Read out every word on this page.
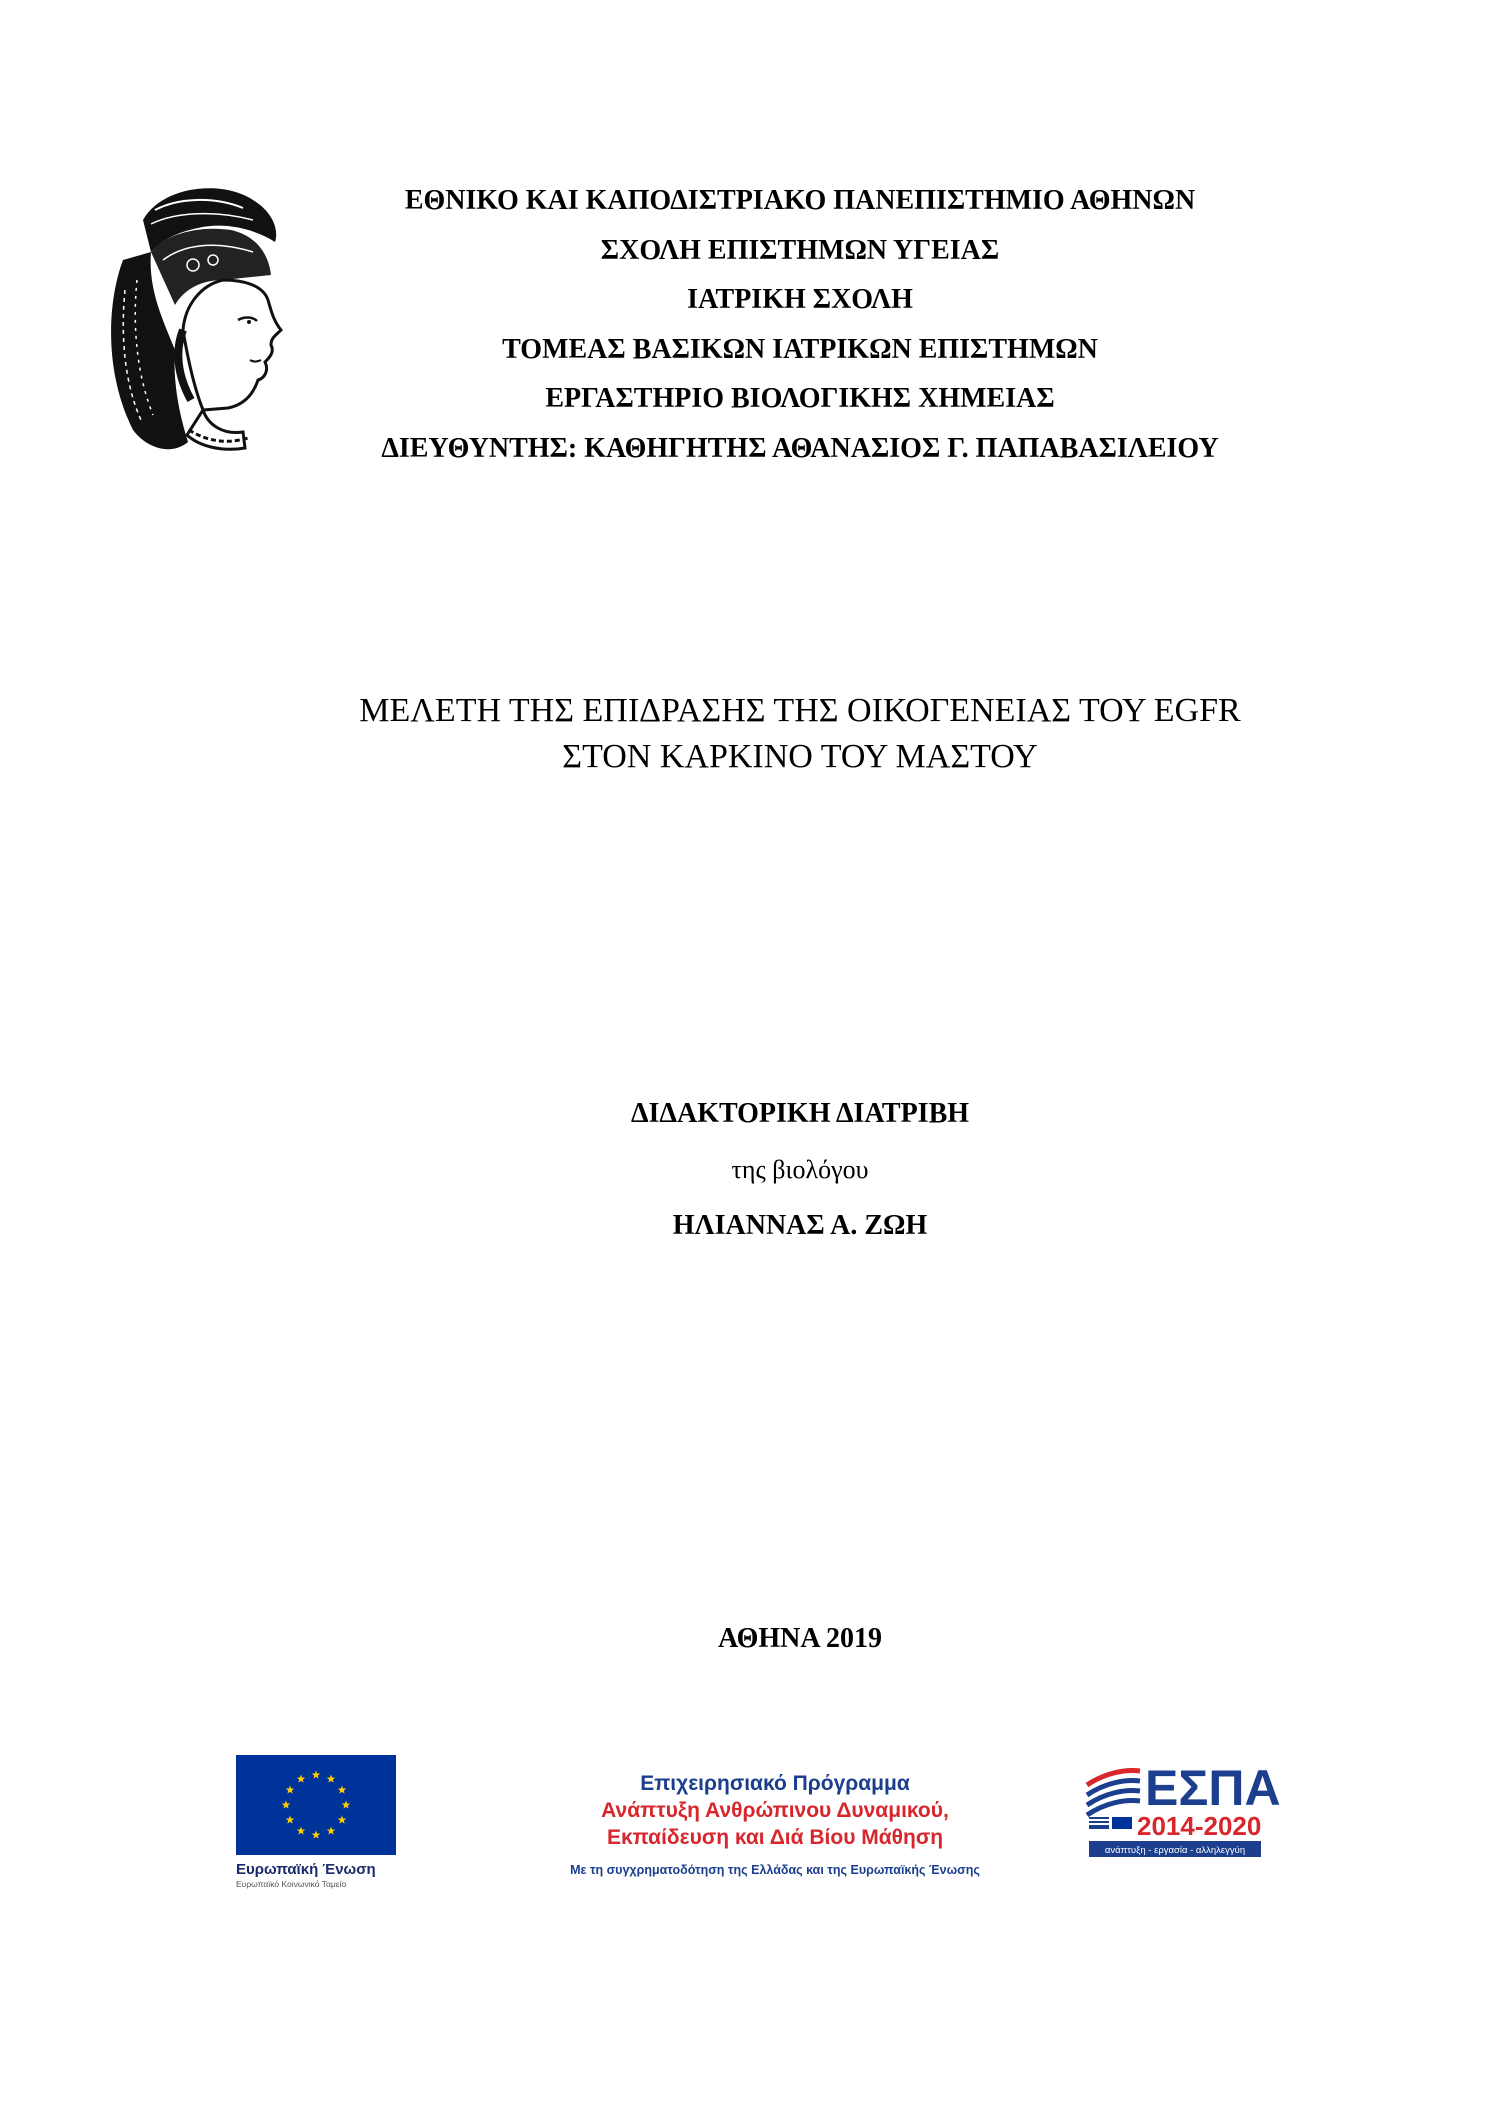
ΕΘΝΙΚΟ ΚΑΙ ΚΑΠΟΔΙΣΤΡΙΑΚΟ ΠΑΝΕΠΙΣΤΗΜΙΟ ΑΘΗΝΩΝ
ΣΧΟΛΗ ΕΠΙΣΤΗΜΩΝ ΥΓΕΙΑΣ
ΙΑΤΡΙΚΗ ΣΧΟΛΗ
ΤΟΜΕΑΣ ΒΑΣΙΚΩΝ ΙΑΤΡΙΚΩΝ ΕΠΙΣΤΗΜΩΝ
ΕΡΓΑΣΤΗΡΙΟ ΒΙΟΛΟΓΙΚΗΣ ΧΗΜΕΙΑΣ
ΔΙΕΥΘΥΝΤΗΣ: ΚΑΘΗΓΗΤΗΣ ΑΘΑΝΑΣΙΟΣ Γ. ΠΑΠΑΒΑΣΙΛΕΙΟΥ
ΜΕΛΕΤΗ ΤΗΣ ΕΠΙΔΡΑΣΗΣ ΤΗΣ ΟΙΚΟΓΕΝΕΙΑΣ ΤΟΥ EGFR
ΣΤΟΝ ΚΑΡΚΙΝΟ ΤΟΥ ΜΑΣΤΟΥ
ΔΙΔΑΚΤΟΡΙΚΗ ΔΙΑΤΡΙΒΗ
της βιολόγου
ΗΛΙΑΝΝΑΣ Α. ΖΩΗ
ΑΘΗΝΑ 2019
Ευρωπαϊκή Ένωση
Ευρωπαϊκό Κοινωνικό Ταμείο
Επιχειρησιακό Πρόγραμμα
Ανάπτυξη Ανθρώπινου Δυναμικού,
Εκπαίδευση και Διά Βίου Μάθηση
Με τη συγχρηματοδότηση της Ελλάδας και της Ευρωπαϊκής Ένωσης
ΕΣΠΑ
2014-2020
ανάπτυξη - εργασία - αλληλεγγύη
